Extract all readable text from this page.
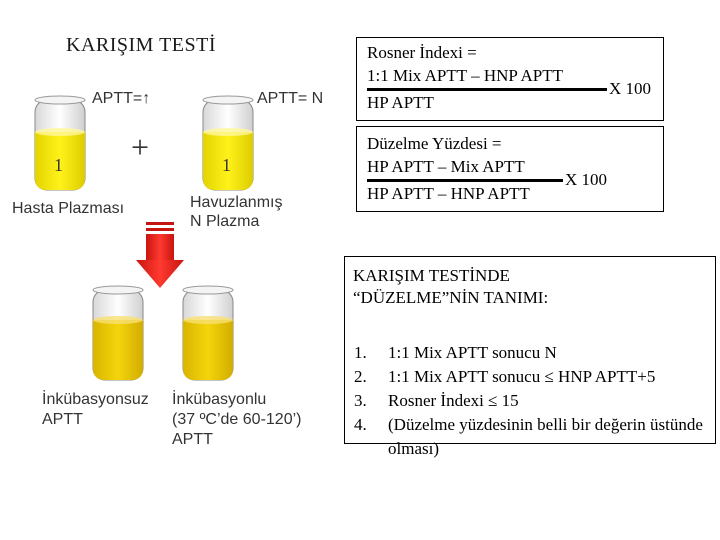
KARIŞIM TESTİ
+
1	1
APTT=↑	APTT= N
Hasta Plazması	Havuzlanmış
N Plazma
İnkübasyonsuz
APTT
İnkübasyonlu
(37 ºC’de 60-120’)
APTT
Rosner İndexi =
1:1 Mix APTT – HNP APTT
X 100
HP APTT
Düzelme Yüzdesi =
HP APTT – Mix APTT
X 100
HP APTT – HNP APTT
KARIŞIM TESTİNDE
“DÜZELME”NİN TANIMI:
1.	1:1 Mix APTT sonucu N
2.	1:1 Mix APTT sonucu ≤ HNP APTT+5
3.	Rosner İndexi ≤ 15
4.	(Düzelme yüzdesinin belli bir değerin üstünde olması)
